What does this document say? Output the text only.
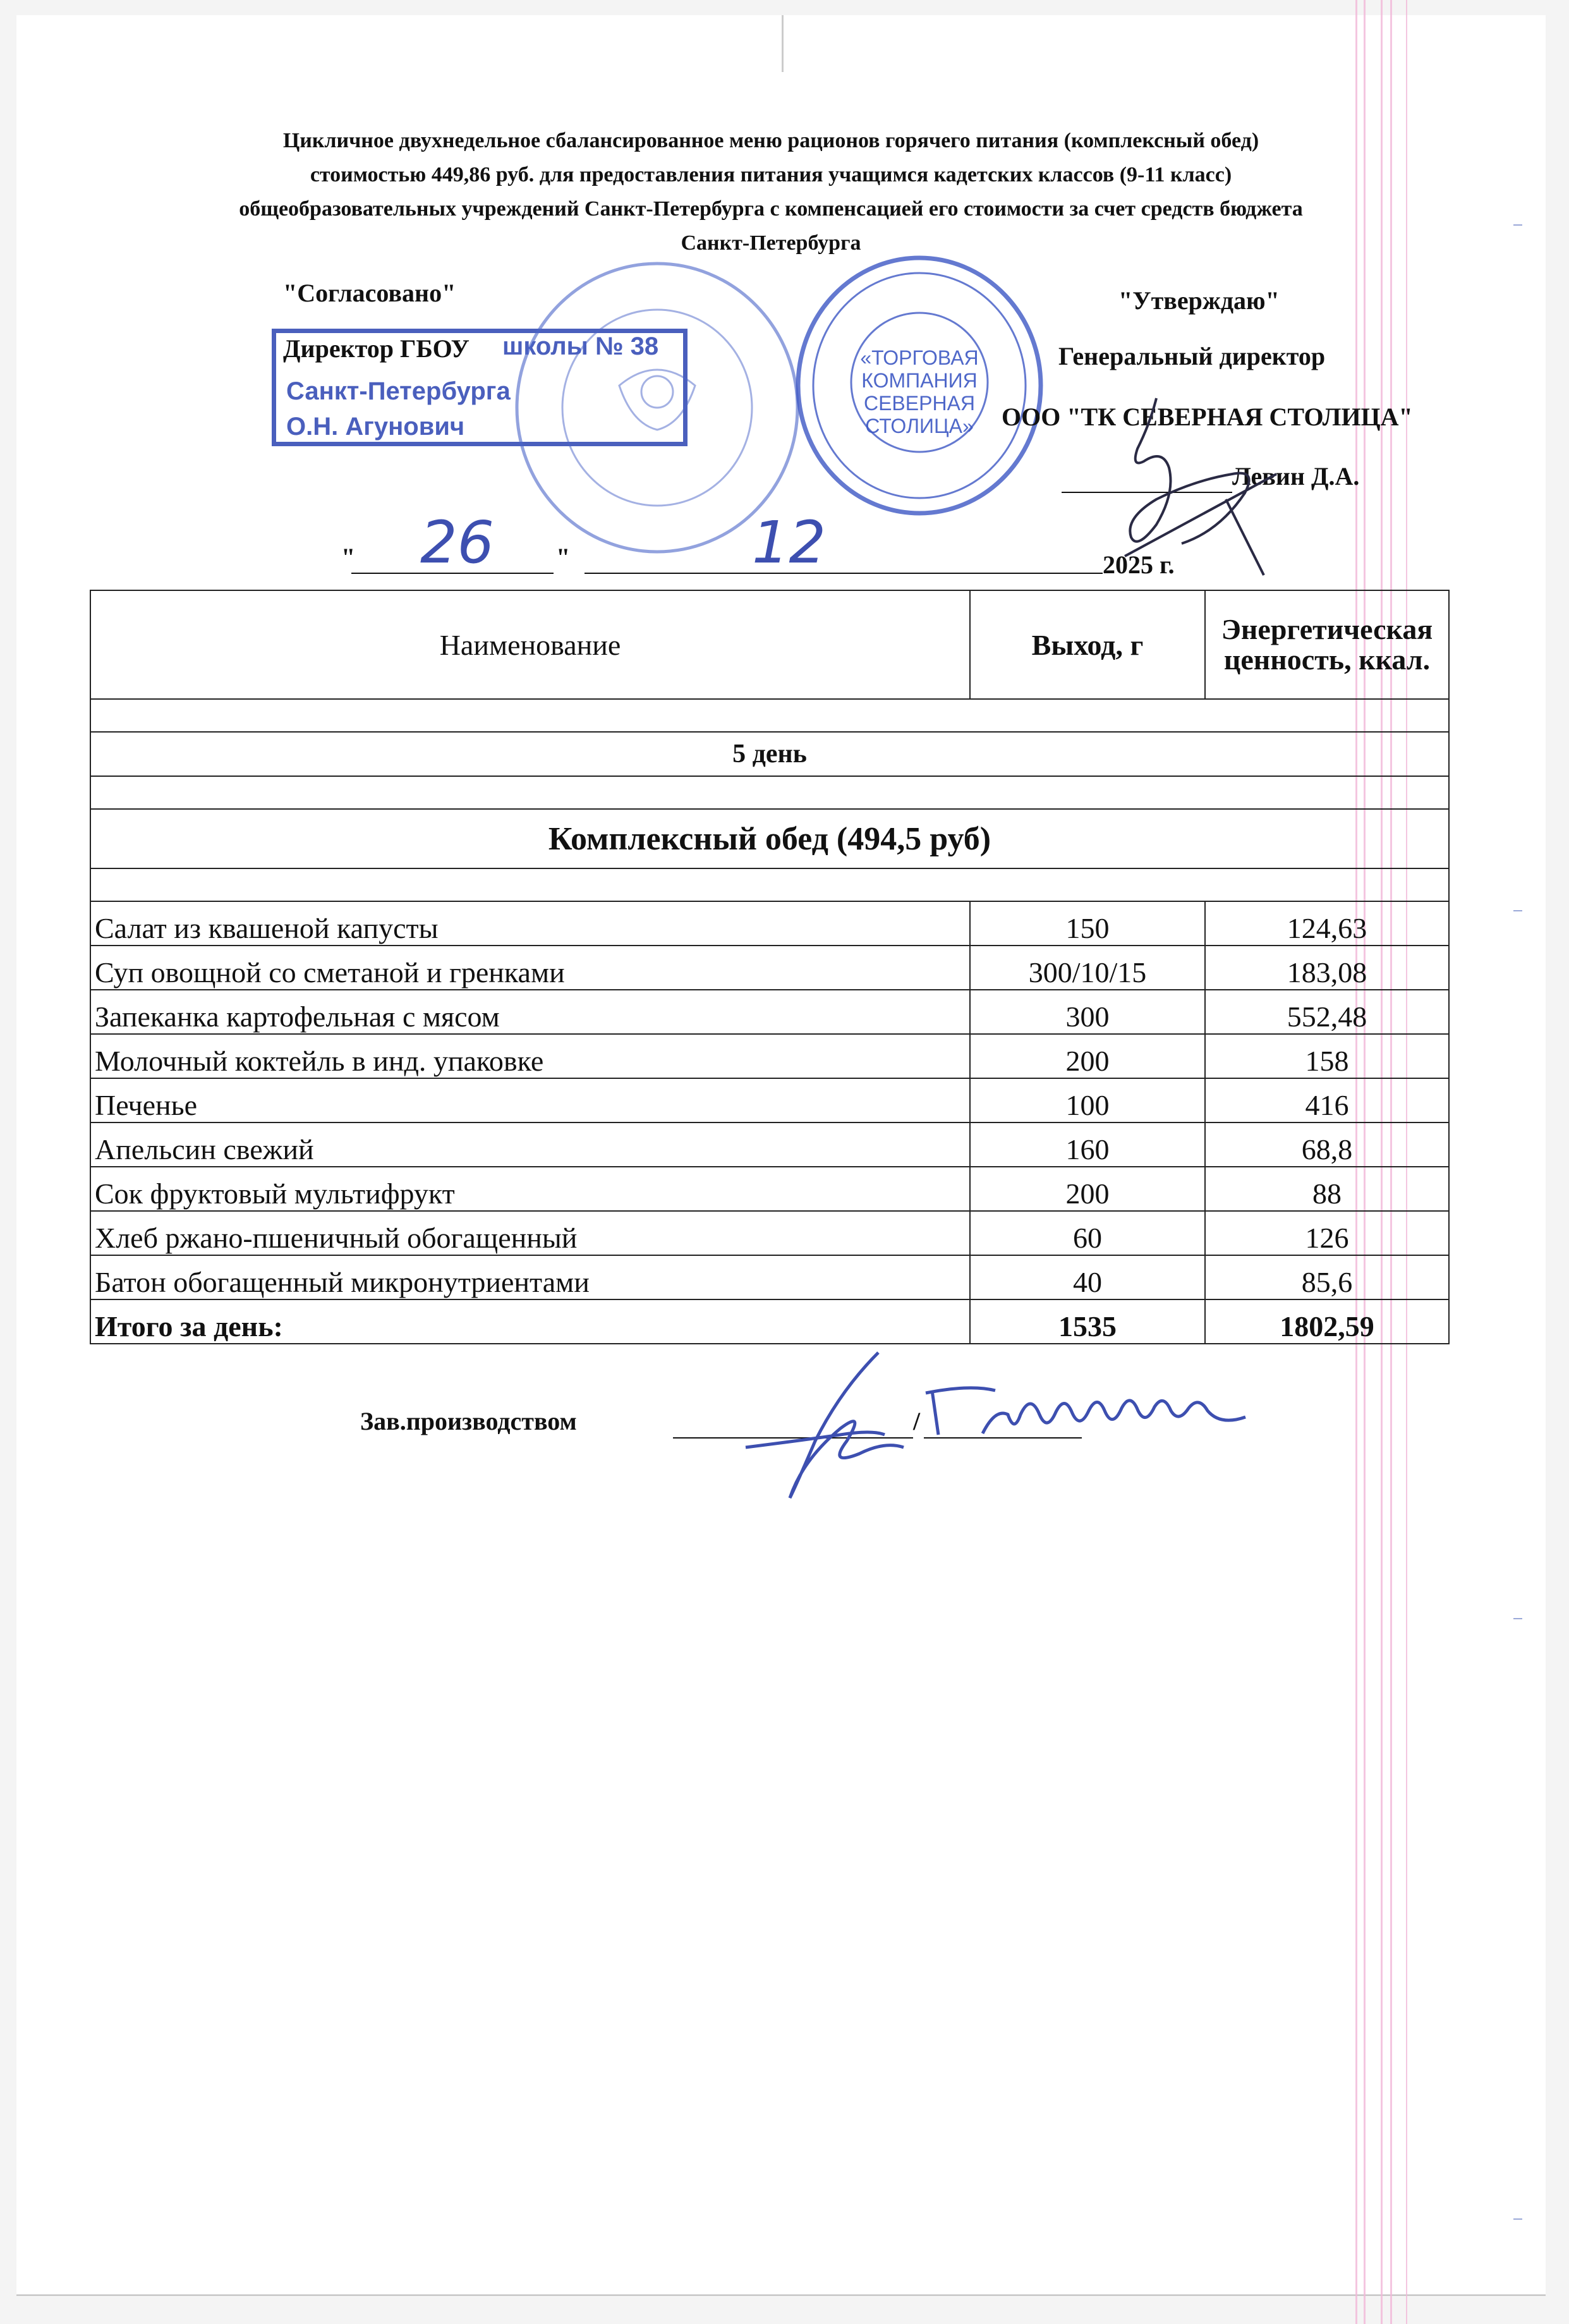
Цикличное двухнедельное сбалансированное меню рационов горячего питания (комплексный обед)
стоимостью 449,86 руб. для предоставления питания учащимся кадетских классов (9-11 класс)
общеобразовательных учреждений Санкт-Петербурга с компенсацией его стоимости за счет средств бюджета
Санкт-Петербурга
"Согласовано"
Директор ГБОУ
Санкт-Петербурга
О.Н. Агунович
школы № 38	«ТОРГОВАЯ
КОМПАНИЯ
СЕВЕРНАЯ
СТОЛИЦА»
"Утверждаю"
Генеральный директор
ООО "ТК СЕВЕРНАЯ СТОЛИЦА"
Левин Д.А.
" 26 "	12	2025 г.
Наименование	Выход, г	Энергетическая ценность, ккал.

5 день		

Комплексный обед (494,5 руб)		

Салат из квашеной капусты	150	124,63
Суп овощной со сметаной и гренками	300/10/15	183,08
Запеканка картофельная с мясом	300	552,48
Молочный коктейль в инд. упаковке	200	158
Печенье	100	416
Апельсин свежий	160	68,8
Сок фруктовый мультифрукт	200	88
Хлеб ржано-пшеничный обогащенный	60	126
Батон обогащенный микронутриентами	40	85,6
Итого за день:	1535	1802,59
Зав.производством	/
